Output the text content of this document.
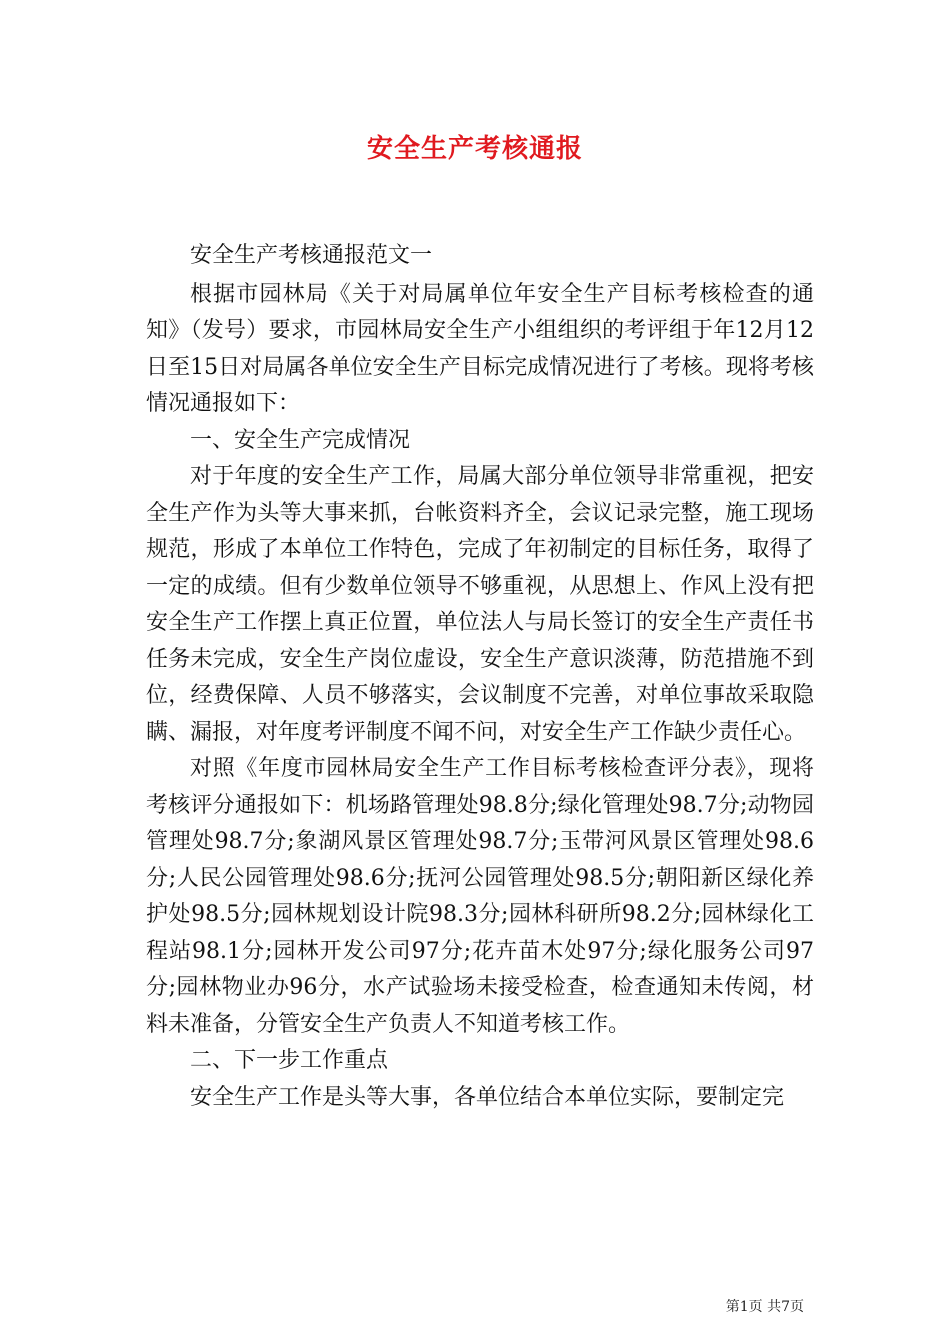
安全生产考核通报

安全生产考核通报范文一

根据市园林局《关于对局属单位年安全生产目标考核检查的通知》（发号）要求，市园林局安全生产小组组织的考评组于年12月12日至15日对局属各单位安全生产目标完成情况进行了考核。现将考核情况通报如下：

一、安全生产完成情况

对于年度的安全生产工作，局属大部分单位领导非常重视，把安全生产作为头等大事来抓，台帐资料齐全，会议记录完整，施工现场规范，形成了本单位工作特色，完成了年初制定的目标任务，取得了一定的成绩。但有少数单位领导不够重视，从思想上、作风上没有把安全生产工作摆上真正位置，单位法人与局长签订的安全生产责任书任务未完成，安全生产岗位虚设，安全生产意识淡薄，防范措施不到位，经费保障、人员不够落实，会议制度不完善，对单位事故采取隐瞒、漏报，对年度考评制度不闻不问，对安全生产工作缺少责任心。

对照《年度市园林局安全生产工作目标考核检查评分表》，现将考核评分通报如下：机场路管理处98.8分;绿化管理处98.7分;动物园管理处98.7分;象湖风景区管理处98.7分;玉带河风景区管理处98.6分;人民公园管理处98.6分;抚河公园管理处98.5分;朝阳新区绿化养护处98.5分;园林规划设计院98.3分;园林科研所98.2分;园林绿化工程站98.1分;园林开发公司97分;花卉苗木处97分;绿化服务公司97分;园林物业办96分，水产试验场未接受检查，检查通知未传阅，材料未准备，分管安全生产负责人不知道考核工作。

二、下一步工作重点

安全生产工作是头等大事，各单位结合本单位实际，要制定完

第1页 共7页
